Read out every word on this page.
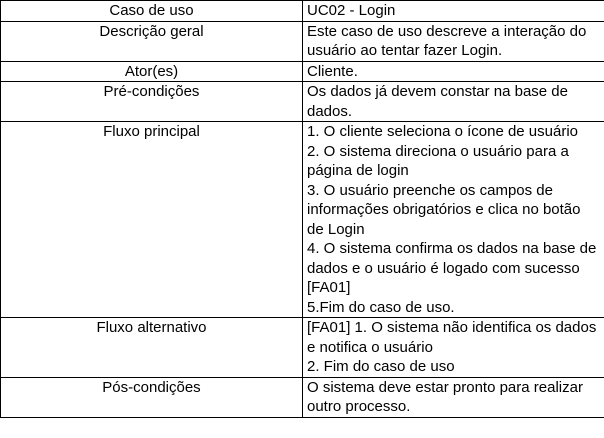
Caso de uso	UC02 - Login

Descrição geral	Este caso de uso descreve a interação do usuário ao tentar fazer Login.

Ator(es)	Cliente.

Pré-condições	Os dados já devem constar na base de dados.

Fluxo principal	1. O cliente seleciona o ícone de usuário
2. O sistema direciona o usuário para a página de login
3. O usuário preenche os campos de informações obrigatórios e clica no botão de Login
4. O sistema confirma os dados na base de dados e o usuário é logado com sucesso [FA01]
5.Fim do caso de uso.

Fluxo alternativo	[FA01] 1. O sistema não identifica os dados e notifica o usuário
2. Fim do caso de uso

Pós-condições	O sistema deve estar pronto para realizar outro processo.
